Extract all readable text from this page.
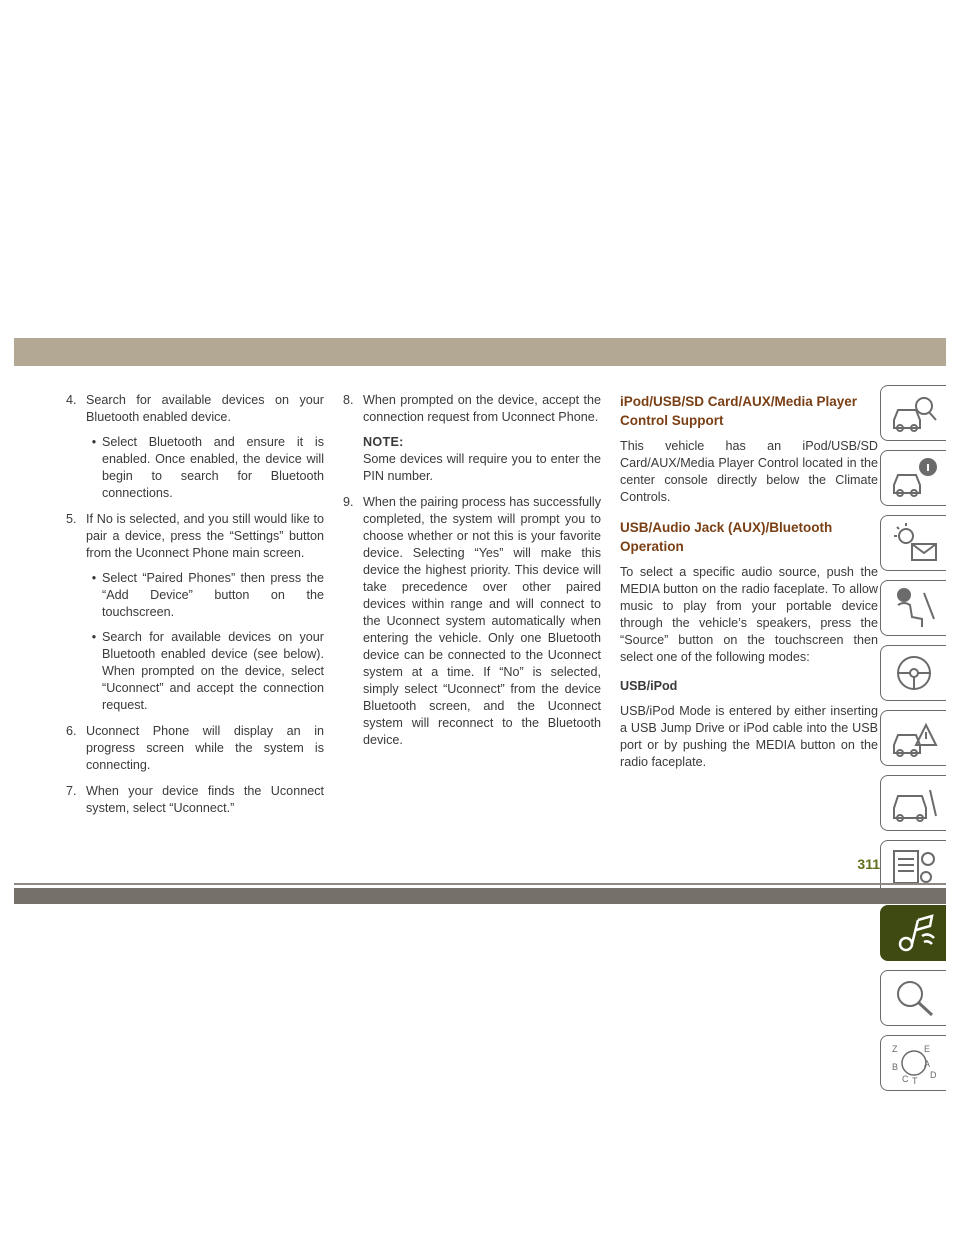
4. Search for available devices on your Bluetooth enabled device.

• Select Bluetooth and ensure it is enabled. Once enabled, the device will begin to search for Bluetooth connections.

5. If No is selected, and you still would like to pair a device, press the “Settings” button from the Uconnect Phone main screen.

• Select “Paired Phones” then press the “Add Device” button on the touchscreen.

• Search for available devices on your Bluetooth enabled device (see below). When prompted on the device, select “Uconnect” and accept the connection request.

6. Uconnect Phone will display an in progress screen while the system is connecting.

7. When your device finds the Uconnect system, select “Uconnect.”

8. When prompted on the device, accept the connection request from Uconnect Phone.

NOTE:

Some devices will require you to enter the PIN number.

9. When the pairing process has successfully completed, the system will prompt you to choose whether or not this is your favorite device. Selecting “Yes” will make this device the highest priority. This device will take precedence over other paired devices within range and will connect to the Uconnect system automatically when entering the vehicle. Only one Bluetooth device can be connected to the Uconnect system at a time. If “No” is selected, simply select “Uconnect” from the device Bluetooth screen, and the Uconnect system will reconnect to the Bluetooth device.

iPod/USB/SD Card/AUX/Media Player Control Support

This vehicle has an iPod/USB/SD Card/AUX/Media Player Control located in the center console directly below the Climate Controls.

USB/Audio Jack (AUX)/Bluetooth Operation

To select a specific audio source, push the MEDIA button on the radio faceplate. To allow music to play from your portable device through the vehicle’s speakers, press the “Source” button on the touchscreen then select one of the following modes:

USB/iPod

USB/iPod Mode is entered by either inserting a USB Jump Drive or iPod cable into the USB port or by pushing the MEDIA button on the radio faceplate.

Z	E
A
B
C T
D
311
